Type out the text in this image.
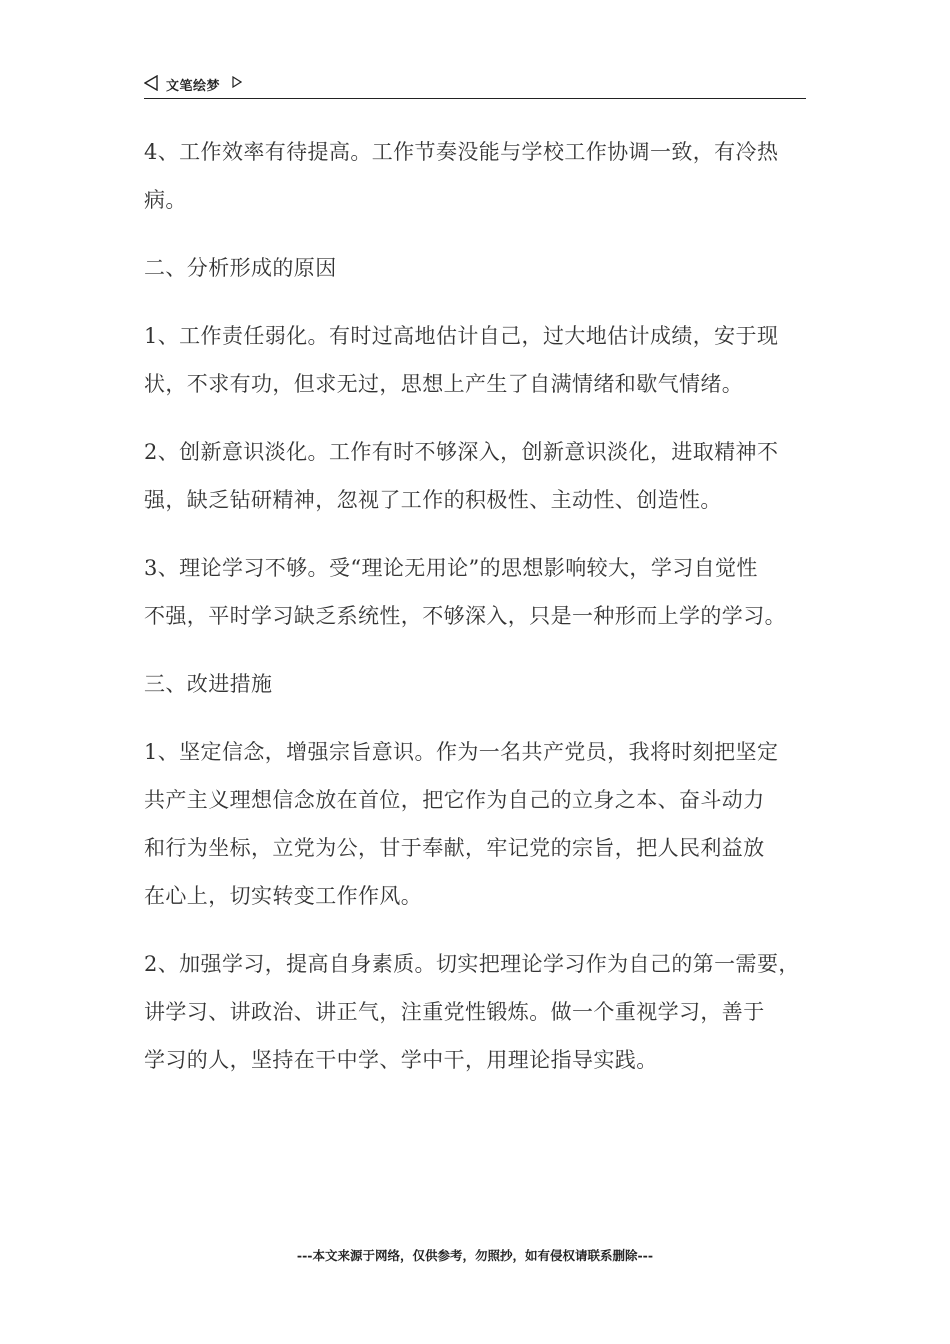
文笔绘梦
4、工作效率有待提高。工作节奏没能与学校工作协调一致，有冷热
病。
二、分析形成的原因
1、工作责任弱化。有时过高地估计自己，过大地估计成绩，安于现
状，不求有功，但求无过，思想上产生了自满情绪和歇气情绪。
2、创新意识淡化。工作有时不够深入，创新意识淡化，进取精神不
强，缺乏钻研精神，忽视了工作的积极性、主动性、创造性。
3、理论学习不够。受“理论无用论”的思想影响较大，学习自觉性
不强，平时学习缺乏系统性，不够深入，只是一种形而上学的学习。
三、改进措施
1、坚定信念，增强宗旨意识。作为一名共产党员，我将时刻把坚定
共产主义理想信念放在首位，把它作为自己的立身之本、奋斗动力
和行为坐标，立党为公，甘于奉献，牢记党的宗旨，把人民利益放
在心上，切实转变工作作风。
2、加强学习，提高自身素质。切实把理论学习作为自己的第一需要，
讲学习、讲政治、讲正气，注重党性锻炼。做一个重视学习，善于
学习的人，坚持在干中学、学中干，用理论指导实践。
---本文来源于网络，仅供参考，勿照抄，如有侵权请联系删除---
